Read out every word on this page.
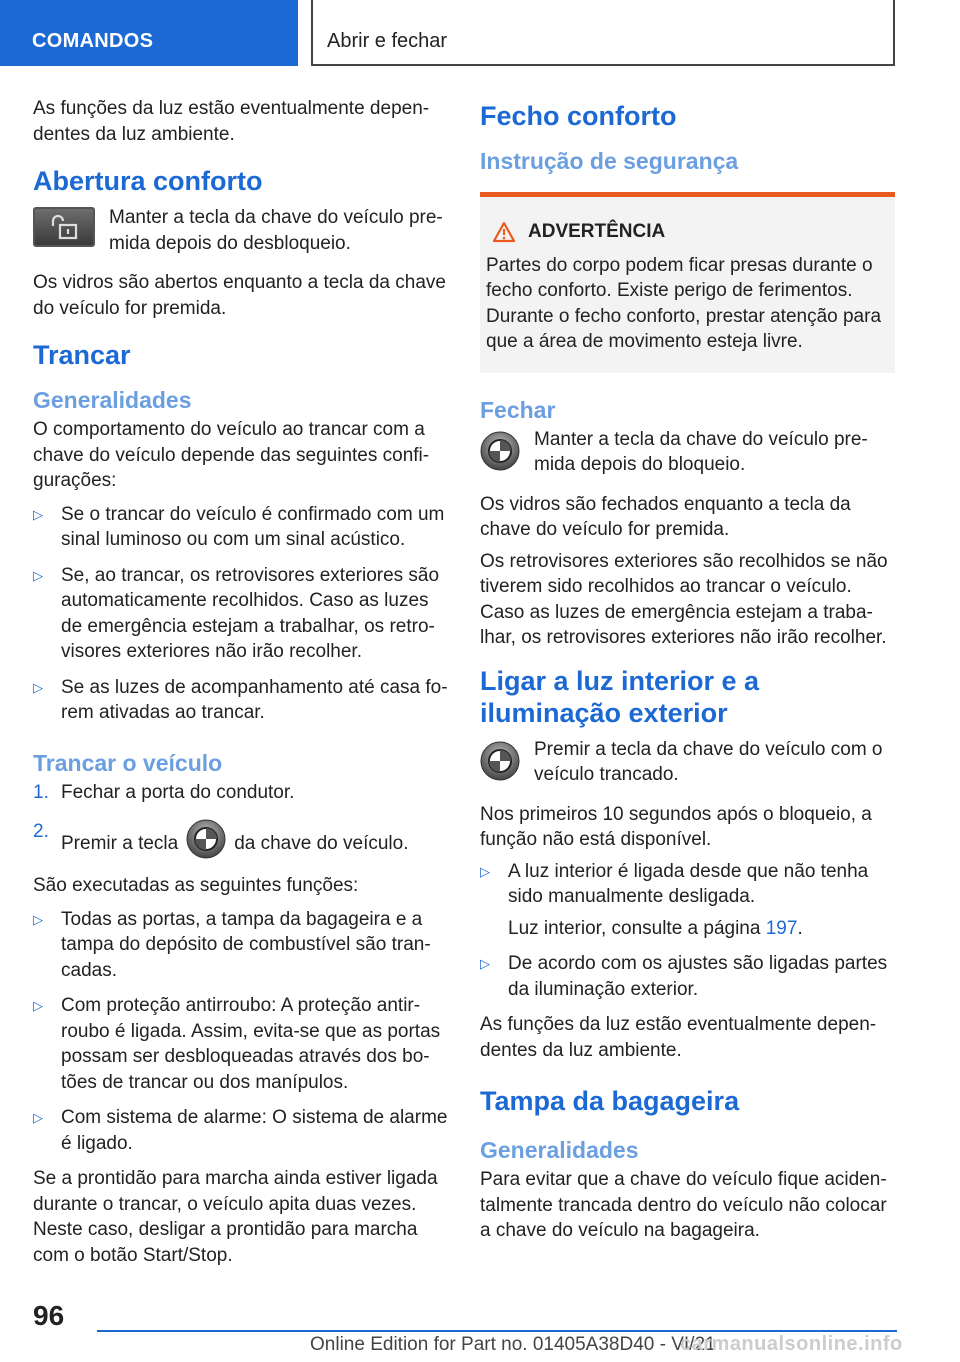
COMANDOS	Abrir e fechar

As funções da luz estão eventualmente dependentes da luz ambiente.

Abertura conforto
Manter a tecla da chave do veículo premida depois do desbloqueio.

Os vidros são abertos enquanto a tecla da chave do veículo for premida.

Trancar
Generalidades

O comportamento do veículo ao trancar com a chave do veículo depende das seguintes configurações:

▷ Se o trancar do veículo é confirmado com um sinal luminoso ou com um sinal acústico.
▷ Se, ao trancar, os retrovisores exteriores são automaticamente recolhidos. Caso as luzes de emergência estejam a trabalhar, os retrovisores exteriores não irão recolher.
▷ Se as luzes de acompanhamento até casa forem ativadas ao trancar.
Trancar o veículo
1. Fechar a porta do condutor.
2.
Premir a tecla	da chave do veículo.

São executadas as seguintes funções:

▷ Todas as portas, a tampa da bagageira e a tampa do depósito de combustível são trancadas.
▷ Com proteção antirroubo: A proteção antirroubo é ligada. Assim, evita-se que as portas possam ser desbloqueadas através dos botões de trancar ou dos manípulos.
▷ Com sistema de alarme: O sistema de alarme é ligado.

Se a prontidão para marcha ainda estiver ligada durante o trancar, o veículo apita duas vezes. Neste caso, desligar a prontidão para marcha com o botão Start/Stop.

Fecho conforto
Instrução de segurança
ADVERTÊNCIA

Partes do corpo podem ficar presas durante o fecho conforto. Existe perigo de ferimentos. Durante o fecho conforto, prestar atenção para que a área de movimento esteja livre.

Fechar
Manter a tecla da chave do veículo premida depois do bloqueio.

Os vidros são fechados enquanto a tecla da chave do veículo for premida.

Os retrovisores exteriores são recolhidos se não tiverem sido recolhidos ao trancar o veículo. Caso as luzes de emergência estejam a trabalhar, os retrovisores exteriores não irão recolher.

Ligar a luz interior e a iluminação exterior
Premir a tecla da chave do veículo com o veículo trancado.

Nos primeiros 10 segundos após o bloqueio, a função não está disponível.

▷ A luz interior é ligada desde que não tenha sido manualmente desligada.
Luz interior, consulte a página 197.
▷ De acordo com os ajustes são ligadas partes da iluminação exterior.

As funções da luz estão eventualmente dependentes da luz ambiente.

Tampa da bagageira
Generalidades

Para evitar que a chave do veículo fique acidentalmente trancada dentro do veículo não colocar a chave do veículo na bagageira.

96
Online Edition for Part no. 01405A38D40 - VI/21
carmanualsonline.info
